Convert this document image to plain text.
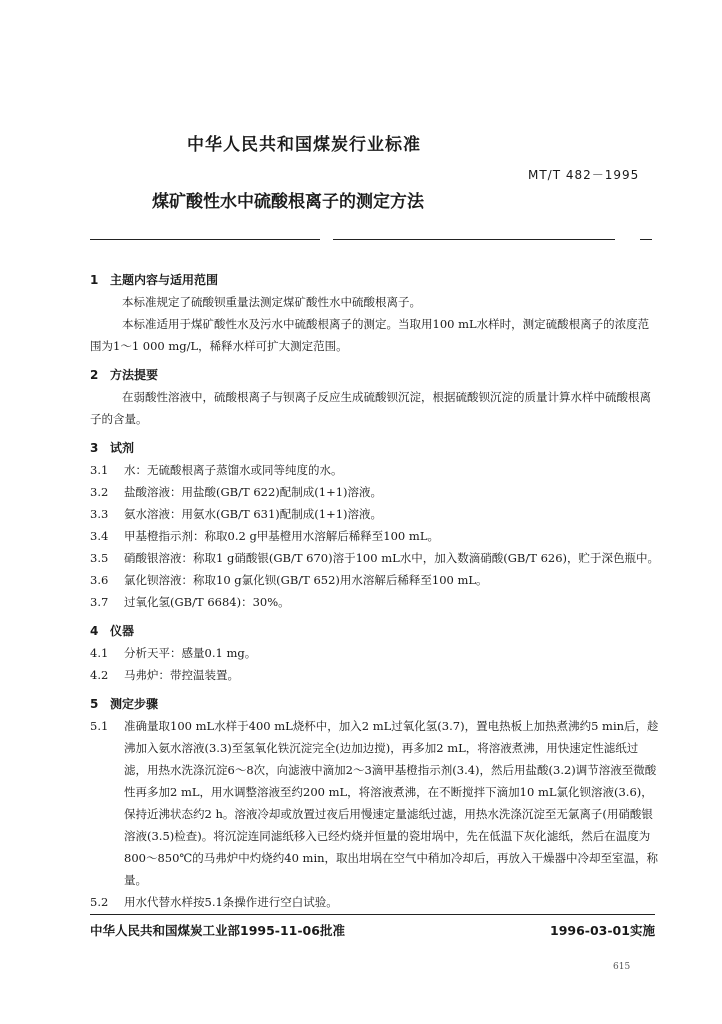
中华人民共和国煤炭行业标准
MT/T 482－1995
煤矿酸性水中硫酸根离子的测定方法
1 主题内容与适用范围

本标准规定了硫酸钡重量法测定煤矿酸性水中硫酸根离子。

本标准适用于煤矿酸性水及污水中硫酸根离子的测定。当取用100 mL水样时，测定硫酸根离子的浓度范围为1～1 000 mg/L，稀释水样可扩大测定范围。

2 方法提要

在弱酸性溶液中，硫酸根离子与钡离子反应生成硫酸钡沉淀，根据硫酸钡沉淀的质量计算水样中硫酸根离子的含量。

3 试剂

3.1 水：无硫酸根离子蒸馏水或同等纯度的水。

3.2 盐酸溶液：用盐酸(GB/T 622)配制成(1+1)溶液。

3.3 氨水溶液：用氨水(GB/T 631)配制成(1+1)溶液。

3.4 甲基橙指示剂：称取0.2 g甲基橙用水溶解后稀释至100 mL。

3.5 硝酸银溶液：称取1 g硝酸银(GB/T 670)溶于100 mL水中，加入数滴硝酸(GB/T 626)，贮于深色瓶中。

3.6 氯化钡溶液：称取10 g氯化钡(GB/T 652)用水溶解后稀释至100 mL。

3.7 过氧化氢(GB/T 6684)：30%。

4 仪器

4.1 分析天平：感量0.1 mg。

4.2 马弗炉：带控温装置。

5 测定步骤

5.1 准确量取100 mL水样于400 mL烧杯中，加入2 mL过氧化氢(3.7)，置电热板上加热煮沸约5 min后，趁沸加入氨水溶液(3.3)至氢氧化铁沉淀完全(边加边搅)，再多加2 mL，将溶液煮沸，用快速定性滤纸过滤，用热水洗涤沉淀6～8次，向滤液中滴加2～3滴甲基橙指示剂(3.4)，然后用盐酸(3.2)调节溶液至微酸性再多加2 mL，用水调整溶液至约200 mL，将溶液煮沸，在不断搅拌下滴加10 mL氯化钡溶液(3.6)，保持近沸状态约2 h。溶液冷却或放置过夜后用慢速定量滤纸过滤，用热水洗涤沉淀至无氯离子(用硝酸银溶液(3.5)检查)。将沉淀连同滤纸移入已经灼烧并恒量的瓷坩埚中，先在低温下灰化滤纸，然后在温度为800～850℃的马弗炉中灼烧约40 min，取出坩埚在空气中稍加冷却后，再放入干燥器中冷却至室温，称量。

5.2 用水代替水样按5.1条操作进行空白试验。

中华人民共和国煤炭工业部1995-11-06批准	1996-03-01实施
615
